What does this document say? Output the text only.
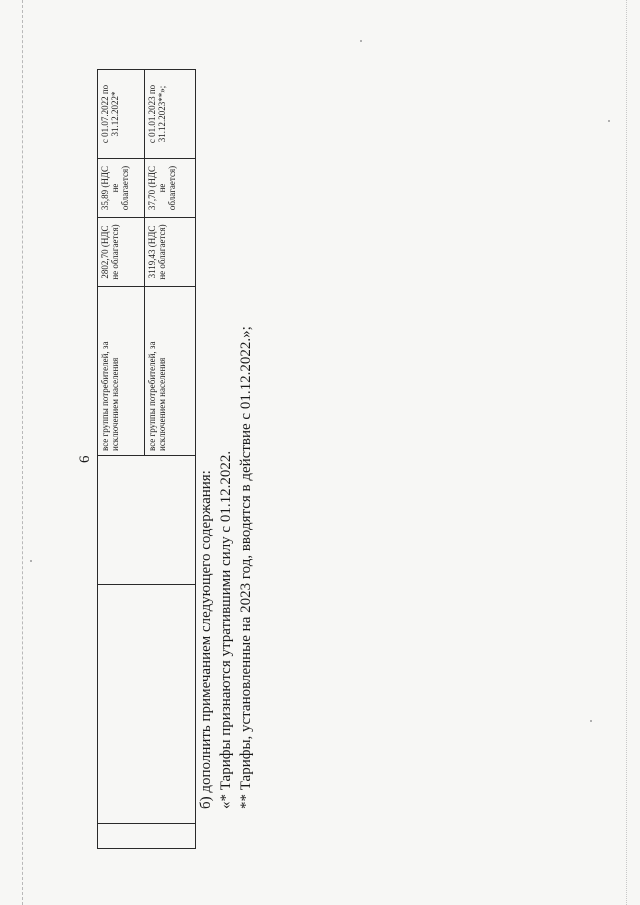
6
			все группы потребителей, за исключением населения	2802,70 (НДС не облагается)	35,89 (НДС не облагается)	с 01.07.2022 по 31.12.2022*
			все группы потребителей, за исключением населения	3119,43 (НДС не облагается)	37,70 (НДС не облагается)	с 01.01.2023 по 31.12.2023**»;

б) дополнить примечанием следующего содержания: «* Тарифы признаются утратившими силу с 01.12.2022. ** Тарифы, установленные на 2023 год, вводятся в действие с 01.12.2022.»;
